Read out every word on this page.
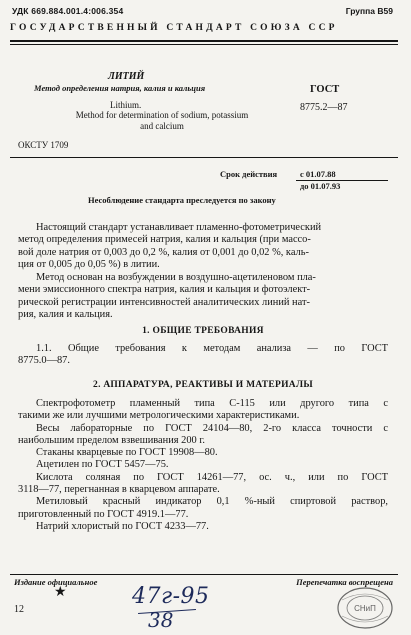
УДК 669.884.001.4:006.354	Группа В59
ГОСУДАРСТВЕННЫЙ СТАНДАРТ СОЮЗА ССР
ЛИТИЙ
Метод определения натрия, калия и кальция	ГОСТ
8775.2—87
Lithium.
Method for determination of sodium, potassium
and calcium
ОКСТУ 1709
Срок действия	с 01.07.88
до 01.07.93
Несоблюдение стандарта преследуется по закону
Настоящий стандарт устанавливает пламенно-фотометрический
метод определения примесей натрия, калия и кальция (при массо-
вой доле натрия от 0,003 до 0,2 %, калия от 0,001 до 0,02 %, каль-
ция от 0,005 до 0,05 %) в литии.
Метод основан на возбуждении в воздушно-ацетиленовом пла-
мени эмиссионного спектра натрия, калия и кальция и фотоэлект-
рической регистрации интенсивностей аналитических линий нат-
рия, калия и кальция.
1. ОБЩИЕ ТРЕБОВАНИЯ
1.1. Общие требования к методам анализа — по ГОСТ
8775.0—87.
2. АППАРАТУРА, РЕАКТИВЫ И МАТЕРИАЛЫ
Спектрофотометр пламенный типа С-115 или другого типа с
такими же или лучшими метрологическими характеристиками.
Весы лабораторные по ГОСТ 24104—80, 2-го класса точности с
наибольшим пределом взвешивания 200 г.
Стаканы кварцевые по ГОСТ 19908—80.
Ацетилен по ГОСТ 5457—75.
Кислота соляная по ГОСТ 14261—77, ос. ч., или по ГОСТ
3118—77, перегнанная в кварцевом аппарате.
Метиловый красный индикатор 0,1 %-ный спиртовой раствор,
приготовленный по ГОСТ 4919.1—77.
Натрий хлористый по ГОСТ 4233—77.
Издание официальное	Перепечатка воспрещена
★
12
47г-95
38	СНиП
